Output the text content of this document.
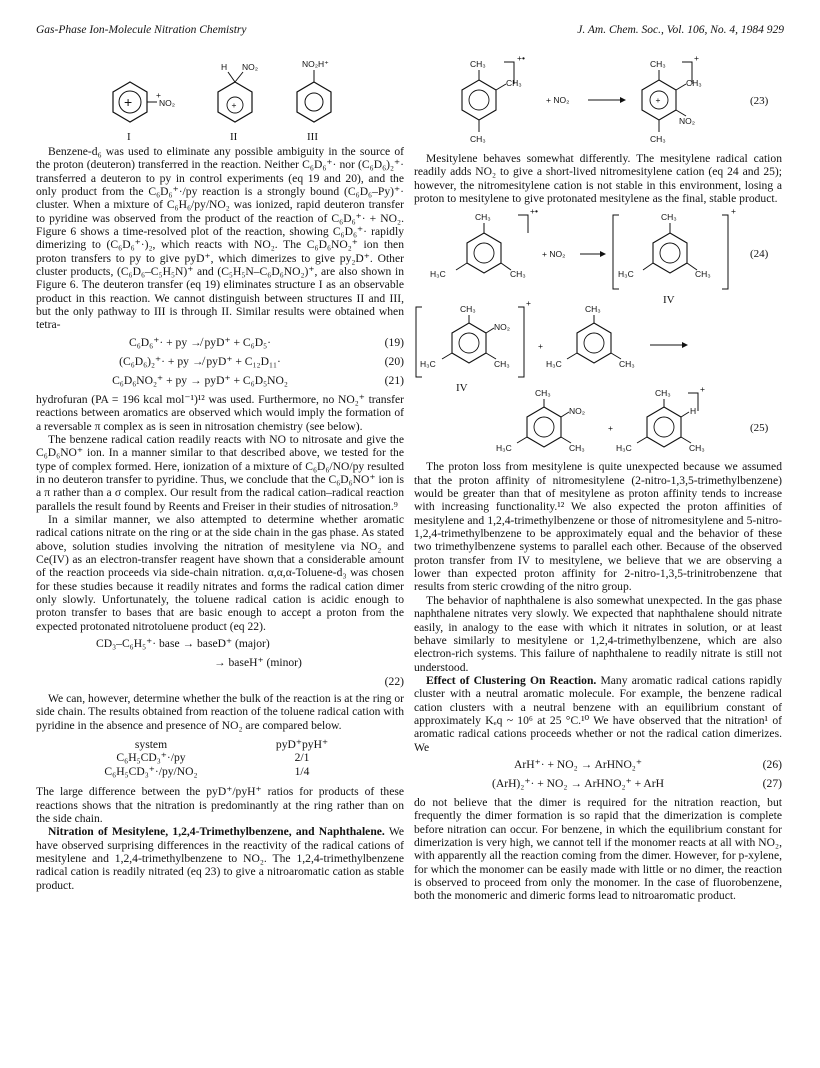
Gas-Phase Ion-Molecule Nitration Chemistry	J. Am. Chem. Soc., Vol. 106, No. 4, 1984 929
+	+
NO₂
I
+
H NO₂
II
NO₂H⁺
III

Benzene-d₆ was used to eliminate any possible ambiguity in the source of the proton (deuteron) transferred in the reaction. Neither C₆D₆⁺· nor (C₆D₆)₂⁺· transferred a deuteron to py in control experiments (eq 19 and 20), and the only product from the C₆D₆⁺·/py reaction is a strongly bound (C₆D₆–Py)⁺· cluster. When a mixture of C₆H₆/py/NO₂ was ionized, rapid deuteron transfer to pyridine was observed from the product of the reaction of C₆D₆⁺· + NO₂. Figure 6 shows a time-resolved plot of the reaction, showing C₆D₆⁺· rapidly dimerizing to (C₆D₆⁺·)₂, which reacts with NO₂. The C₆D₆NO₂⁺ ion then proton transfers to py to give pyD⁺, which dimerizes to give py₂D⁺. Other cluster products, (C₆D₆–C₅H₅N)⁺ and (C₅H₅N–C₆D₆NO₂)⁺, are also shown in Figure 6. The deuteron transfer (eq 19) eliminates structure I as an observable product in this reaction. We cannot distinguish between structures II and III, but the only pathway to III is through II. Similar results were obtained when tetra-

C₆D₆⁺· + py ↛ pyD⁺ + C₆D₅·	(19)
(C₆D₆)₂⁺· + py ↛ pyD⁺ + C₁₂D₁₁·	(20)
C₆D₆NO₂⁺ + py → pyD⁺ + C₆D₅NO₂	(21)

hydrofuran (PA = 196 kcal mol⁻¹)¹² was used. Furthermore, no NO₂⁺ transfer reactions between aromatics are observed which would imply the formation of a reversable π complex as is seen in nitrosation chemistry (see below).

The benzene radical cation readily reacts with NO to nitrosate and give the C₆D₆NO⁺ ion. In a manner similar to that described above, we tested for the type of complex formed. Here, ionization of a mixture of C₆D₆/NO/py resulted in no deuteron transfer to pyridine. Thus, we conclude that the C₆D₆NO⁺ ion is a π rather than a σ complex. Our result from the radical cation–radical reaction parallels the result found by Reents and Freiser in their studies of nitrosation.⁹

In a similar manner, we also attempted to determine whether aromatic radical cations nitrate on the ring or at the side chain in the gas phase. As stated above, solution studies involving the nitration of mesitylene via NO₂ and Ce(IV) as an electron-transfer reagent have shown that a considerable amount of the reaction proceeds via side-chain nitration. α,α,α-Toluene-d₃ was chosen for these studies because it readily nitrates and forms the radical cation dimer only slowly. Unfortunately, the toluene radical cation is acidic enough to proton transfer to bases that are basic enough to accept a proton from the expected protonated nitrotoluene product (eq 22).

CD₃–C₆H₅⁺· base → baseD⁺ (major)
→ baseH⁺ (minor)
(22)

We can, however, determine whether the bulk of the reaction is at the ring or side chain. The results obtained from reaction of the toluene radical cation with pyridine in the absence and presence of NO₂ are compared below.

system	pyD⁺pyH⁺
C₆H₅CD₃⁺·/py	2/1
C₆H₅CD₃⁺·/py/NO₂	1/4

The large difference between the pyD⁺/pyH⁺ ratios for products of these reactions shows that the nitration is predominantly at the ring rather than on the side chain.

Nitration of Mesitylene, 1,2,4-Trimethylbenzene, and Naphthalene. We have observed surprising differences in the reactivity of the radical cations of mesitylene and 1,2,4-trimethylbenzene to NO₂. The 1,2,4-trimethylbenzene radical cation is readily nitrated (eq 23) to give a nitroaromatic cation as stable product.

CH₃
CH₃
CH₃
+•
+ NO₂	+
CH₃
CH₃
NO₂
CH₃
+
(23)

Mesitylene behaves somewhat differently. The mesitylene radical cation readily adds NO₂ to give a short-lived nitromesitylene cation (eq 24 and 25); however, the nitromesitylene cation is not stable in this environment, losing a proton to mesitylene to give protonated mesitylene as the final, stable product.

CH₃
H₃C	CH₃
+•
+ NO₂
+
CH₃
H₃C	CH₃
IV
(24)
+
CH₃
NO₂
H₃C	CH₃
IV
+
CH₃
H₃C	CH₃
CH₃
NO₂
H₃C	CH₃
+
CH₃
H
H₃C	CH₃
+
(25)

The proton loss from mesitylene is quite unexpected because we assumed that the proton affinity of nitromesitylene (2-nitro-1,3,5-trimethylbenzene) would be greater than that of mesitylene as proton affinity tends to increase with increasing functionality.¹² We also expected the proton affinities of mesitylene and 1,2,4-trimethylbenzene or those of nitromesitylene and 5-nitro-1,2,4-trimethylbenzene to be approximately equal and the behavior of these two trimethylbenzene systems to parallel each other. Because of the observed proton transfer from IV to mesitylene, we believe that we are observing a lower than expected proton affinity for 2-nitro-1,3,5-trinitrobenzene that results from steric crowding of the nitro group.

The behavior of naphthalene is also somewhat unexpected. In the gas phase naphthalene nitrates very slowly. We expected that naphthalene should nitrate easily, in analogy to the ease with which it nitrates in solution, or at least behave similarly to mesitylene or 1,2,4-trimethylbenzene, which are also electron-rich systems. This failure of naphthalene to readily nitrate is still not understood.

Effect of Clustering On Reaction. Many aromatic radical cations rapidly cluster with a neutral aromatic molecule. For example, the benzene radical cation clusters with a neutral benzene with an equilibrium constant of approximately Kₑq ~ 10⁶ at 25 °C.¹⁰ We have observed that the nitration¹ of aromatic radical cations proceeds whether or not the radical cation dimerizes. We

ArH⁺· + NO₂ → ArHNO₂⁺	(26)
(ArH)₂⁺· + NO₂ → ArHNO₂⁺ + ArH	(27)

do not believe that the dimer is required for the nitration reaction, but frequently the dimer formation is so rapid that the dimerization is complete before nitration can occur. For benzene, in which the equilibrium constant for dimerization is very high, we cannot tell if the monomer reacts at all with NO₂, with apparently all the reaction coming from the dimer. However, for p-xylene, for which the monomer can be easily made with little or no dimer, the reaction is observed to proceed from only the monomer. In the case of fluorobenzene, both the monomeric and dimeric forms lead to nitroaromatic product.
